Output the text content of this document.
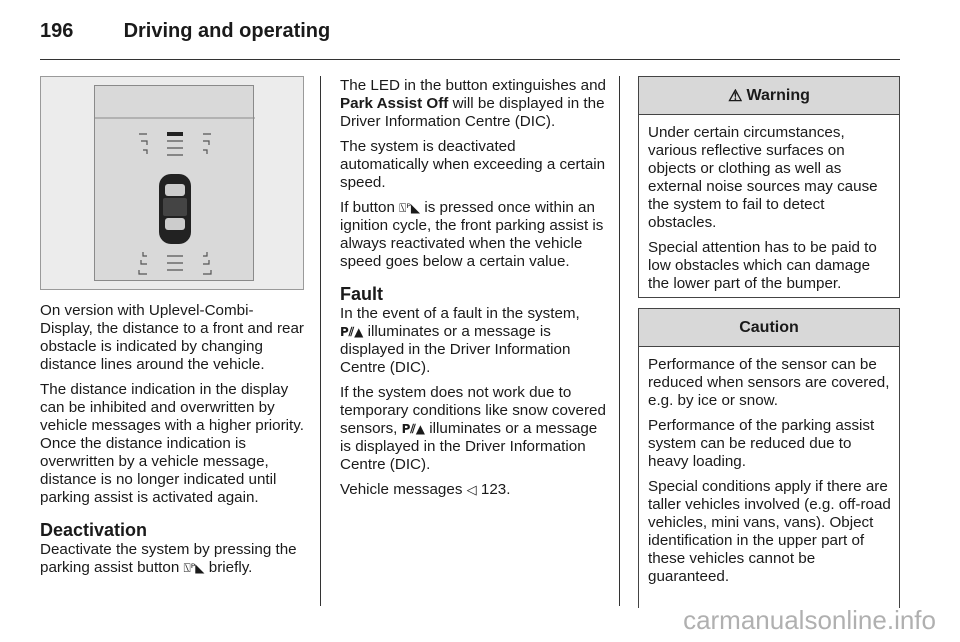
196	Driving and operating

On version with Uplevel-Combi-Display, the distance to a front and rear obstacle is indicated by changing distance lines around the vehicle.

The distance indication in the display can be inhibited and overwritten by vehicle messages with a higher priority. Once the distance indication is overwritten by a vehicle message, distance is no longer indicated until parking assist is activated again.

Deactivation

Deactivate the system by pressing the parking assist button ⍂ᴾ◣ briefly.

The LED in the button extinguishes and Park Assist Off will be displayed in the Driver Information Centre (DIC).

The system is deactivated automatically when exceeding a certain speed.

If button ⍂ᴾ◣ is pressed once within an ignition cycle, the front parking assist is always reactivated when the vehicle speed goes below a certain value.

Fault

In the event of a fault in the system, P⫽▲ illuminates or a message is displayed in the Driver Information Centre (DIC).

If the system does not work due to temporary conditions like snow covered sensors, P⫽▲ illuminates or a message is displayed in the Driver Information Centre (DIC).

Vehicle messages ◁ 123.

⚠ Warning

Under certain circumstances, various reflective surfaces on objects or clothing as well as external noise sources may cause the system to fail to detect obstacles.

Special attention has to be paid to low obstacles which can damage the lower part of the bumper.

Caution

Performance of the sensor can be reduced when sensors are covered, e.g. by ice or snow.

Performance of the parking assist system can be reduced due to heavy loading.

Special conditions apply if there are taller vehicles involved (e.g. off-road vehicles, mini vans, vans). Object identification in the upper part of these vehicles cannot be guaranteed.

carmanualsonline.info
